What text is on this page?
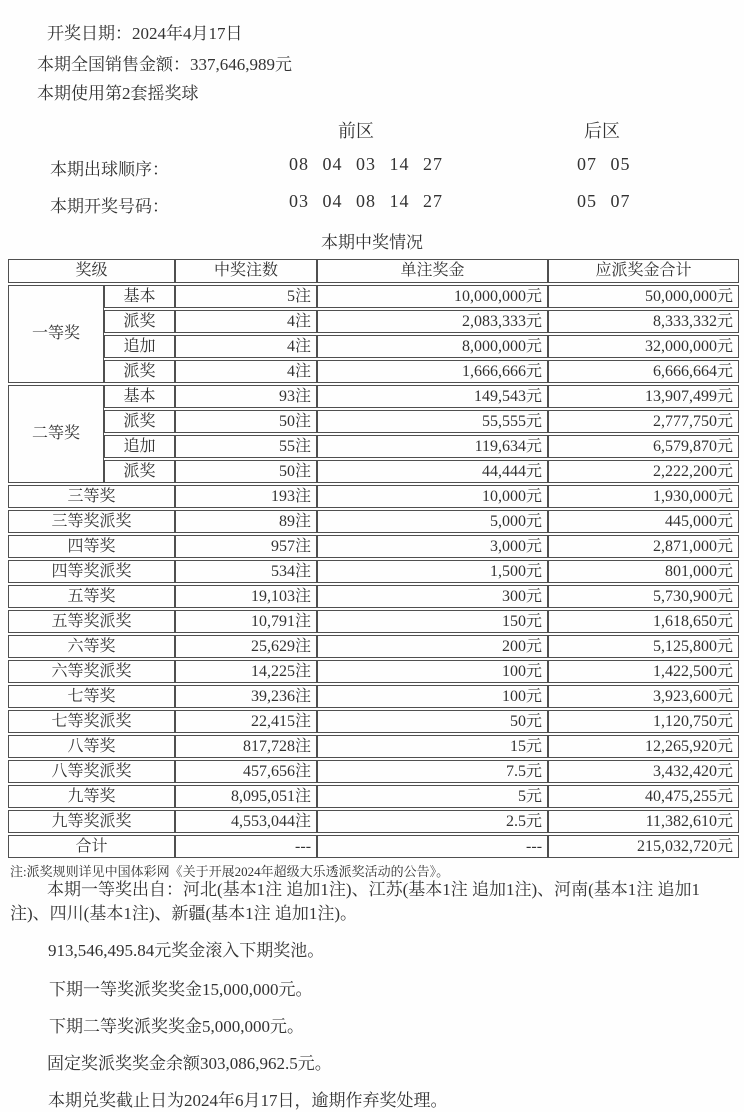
开奖日期：2024年4月17日
本期全国销售金额：337,646,989元
本期使用第2套摇奖球
前区	后区
本期出球顺序：	08 04 03 14 27	07 05
本期开奖号码：	03 04 08 14 27	05 07
本期中奖情况
奖级		中奖注数	单注奖金	应派奖金合计
一等奖	基本	5注	10,000,000元	50,000,000元
	派奖	4注	2,083,333元	8,333,332元
	追加	4注	8,000,000元	32,000,000元
	派奖	4注	1,666,666元	6,666,664元
二等奖	基本	93注	149,543元	13,907,499元
	派奖	50注	55,555元	2,777,750元
	追加	55注	119,634元	6,579,870元
	派奖	50注	44,444元	2,222,200元
三等奖		193注	10,000元	1,930,000元
三等奖派奖		89注	5,000元	445,000元
四等奖		957注	3,000元	2,871,000元
四等奖派奖		534注	1,500元	801,000元
五等奖		19,103注	300元	5,730,900元
五等奖派奖		10,791注	150元	1,618,650元
六等奖		25,629注	200元	5,125,800元
六等奖派奖		14,225注	100元	1,422,500元
七等奖		39,236注	100元	3,923,600元
七等奖派奖		22,415注	50元	1,120,750元
八等奖		817,728注	15元	12,265,920元
八等奖派奖		457,656注	7.5元	3,432,420元
九等奖		8,095,051注	5元	40,475,255元
九等奖派奖		4,553,044注	2.5元	11,382,610元
合计		---	---	215,032,720元
注:派奖规则详见中国体彩网《关于开展2024年超级大乐透派奖活动的公告》。
本期一等奖出自：河北(基本1注 追加1注)、江苏(基本1注 追加1注)、河南(基本1注 追加1注)、四川(基本1注)、新疆(基本1注 追加1注)。
913,546,495.84元奖金滚入下期奖池。
下期一等奖派奖奖金15,000,000元。
下期二等奖派奖奖金5,000,000元。
固定奖派奖奖金余额303,086,962.5元。
本期兑奖截止日为2024年6月17日，逾期作弃奖处理。
